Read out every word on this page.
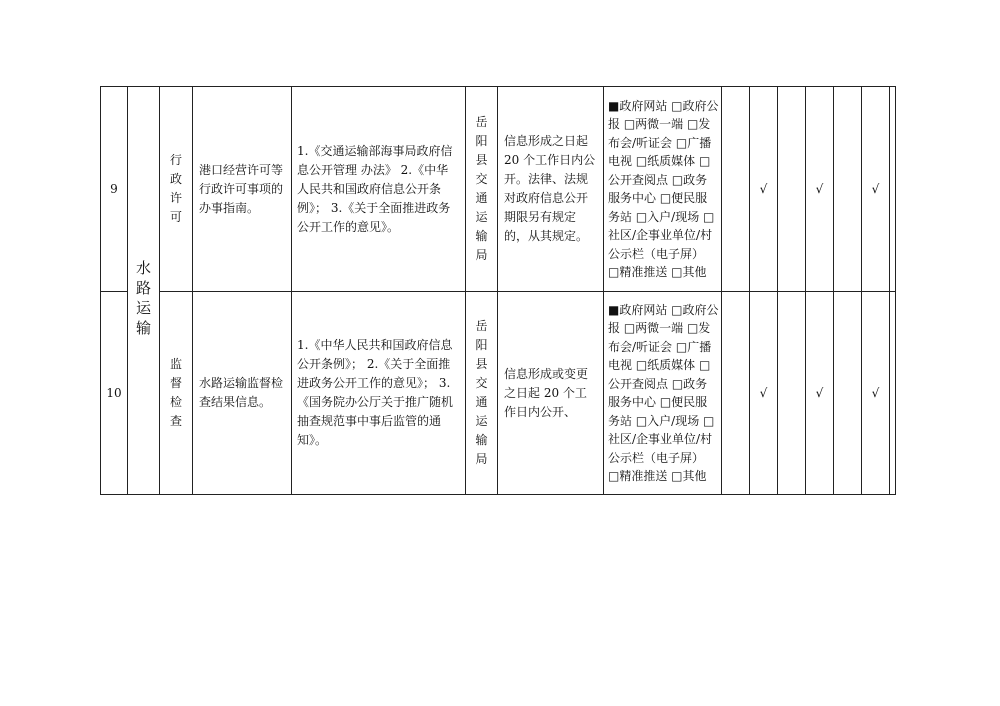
9	水路运输	行政许可	港口经营许可等行政许可事项的办事指南。	1.《交通运输部海事局政府信息公开管理 办法》 2.《中华人民共和国政府信息公开条例》； 3.《关于全面推进政务公开工作的意见》。	岳阳县交通运输局	信息形成之日起 20 个工作日内公开。法律、法规对政府信息公开期限另有规定的，从其规定。	■政府网站 □政府公报 □两微一端 □发布会/听证会 □广播电视 □纸质媒体 □公开查阅点 □政务服务中心 □便民服务站 □入户/现场 □社区/企事业单位/村公示栏（电子屏） □精准推送 □其他		√		√		√	
10		监督检查	水路运输监督检查结果信息。	1.《中华人民共和国政府信息公开条例》； 2.《关于全面推进政务公开工作的意见》； 3.《国务院办公厅关于推广随机抽查规范事中事后监管的通知》。	岳阳县交通运输局	信息形成或变更之日起 20 个工作日内公开、	■政府网站 □政府公报 □两微一端 □发布会/听证会 □广播电视 □纸质媒体 □公开查阅点 □政务服务中心 □便民服务站 □入户/现场 □社区/企事业单位/村公示栏（电子屏） □精准推送 □其他		√		√		√	
